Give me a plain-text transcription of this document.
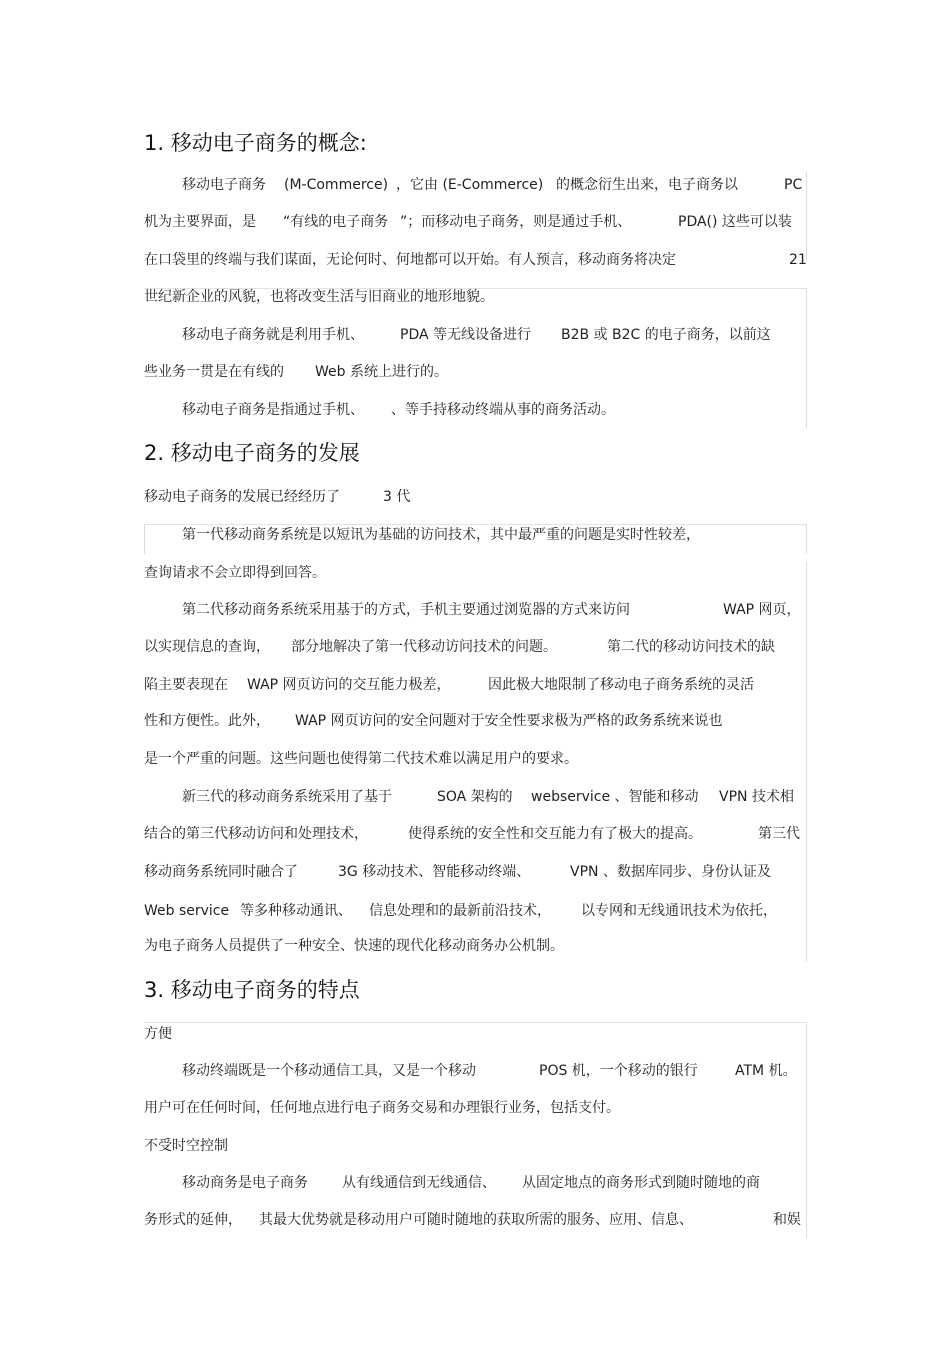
1. 移动电子商务的概念:
移动电子商务 (M-Commerce) ，它由 (E-Commerce) 的概念衍生出来，电子商务以	PC
机为主要界面，是 “有线的电子商务 ”；而移动电子商务，则是通过手机、	PDA() 这些可以装
在口袋里的终端与我们谋面，无论何时、何地都可以开始。有人预言，移动商务将决定	21
世纪新企业的风貌，也将改变生活与旧商业的地形地貌。
移动电子商务就是利用手机、	PDA 等无线设备进行 B2B 或 B2C 的电子商务，以前这
些业务一贯是在有线的 Web 系统上进行的。
移动电子商务是指通过手机、 、等手持移动终端从事的商务活动。
2. 移动电子商务的发展
移动电子商务的发展已经经历了	3 代
第一代移动商务系统是以短讯为基础的访问技术，其中最严重的问题是实时性较差，
查询请求不会立即得到回答。
第二代移动商务系统采用基于的方式，手机主要通过浏览器的方式来访问	WAP 网页，
以实现信息的查询， 部分地解决了第一代移动访问技术的问题。	第二代的移动访问技术的缺
陷主要表现在 WAP 网页访问的交互能力极差，	因此极大地限制了移动电子商务系统的灵活
性和方便性。此外， WAP 网页访问的安全问题对于安全性要求极为严格的政务系统来说也
是一个严重的问题。这些问题也使得第二代技术难以满足用户的要求。
新三代的移动商务系统采用了基于	SOA 架构的 webservice 、智能和移动 VPN 技术相
结合的第三代移动访问和处理技术，	使得系统的安全性和交互能力有了极大的提高。	第三代
移动商务系统同时融合了	3G 移动技术、智能移动终端、	VPN 、数据库同步、身份认证及
Web service 等多种移动通讯、 信息处理和的最新前沿技术， 以专网和无线通讯技术为依托，
为电子商务人员提供了一种安全、快速的现代化移动商务办公机制。
3. 移动电子商务的特点
方便
移动终端既是一个移动通信工具，又是一个移动	POS 机，一个移动的银行	ATM 机。
用户可在任何时间，任何地点进行电子商务交易和办理银行业务，包括支付。
不受时空控制
移动商务是电子商务 从有线通信到无线通信、 从固定地点的商务形式到随时随地的商
务形式的延伸， 其最大优势就是移动用户可随时随地的获取所需的服务、应用、信息、	和娱
